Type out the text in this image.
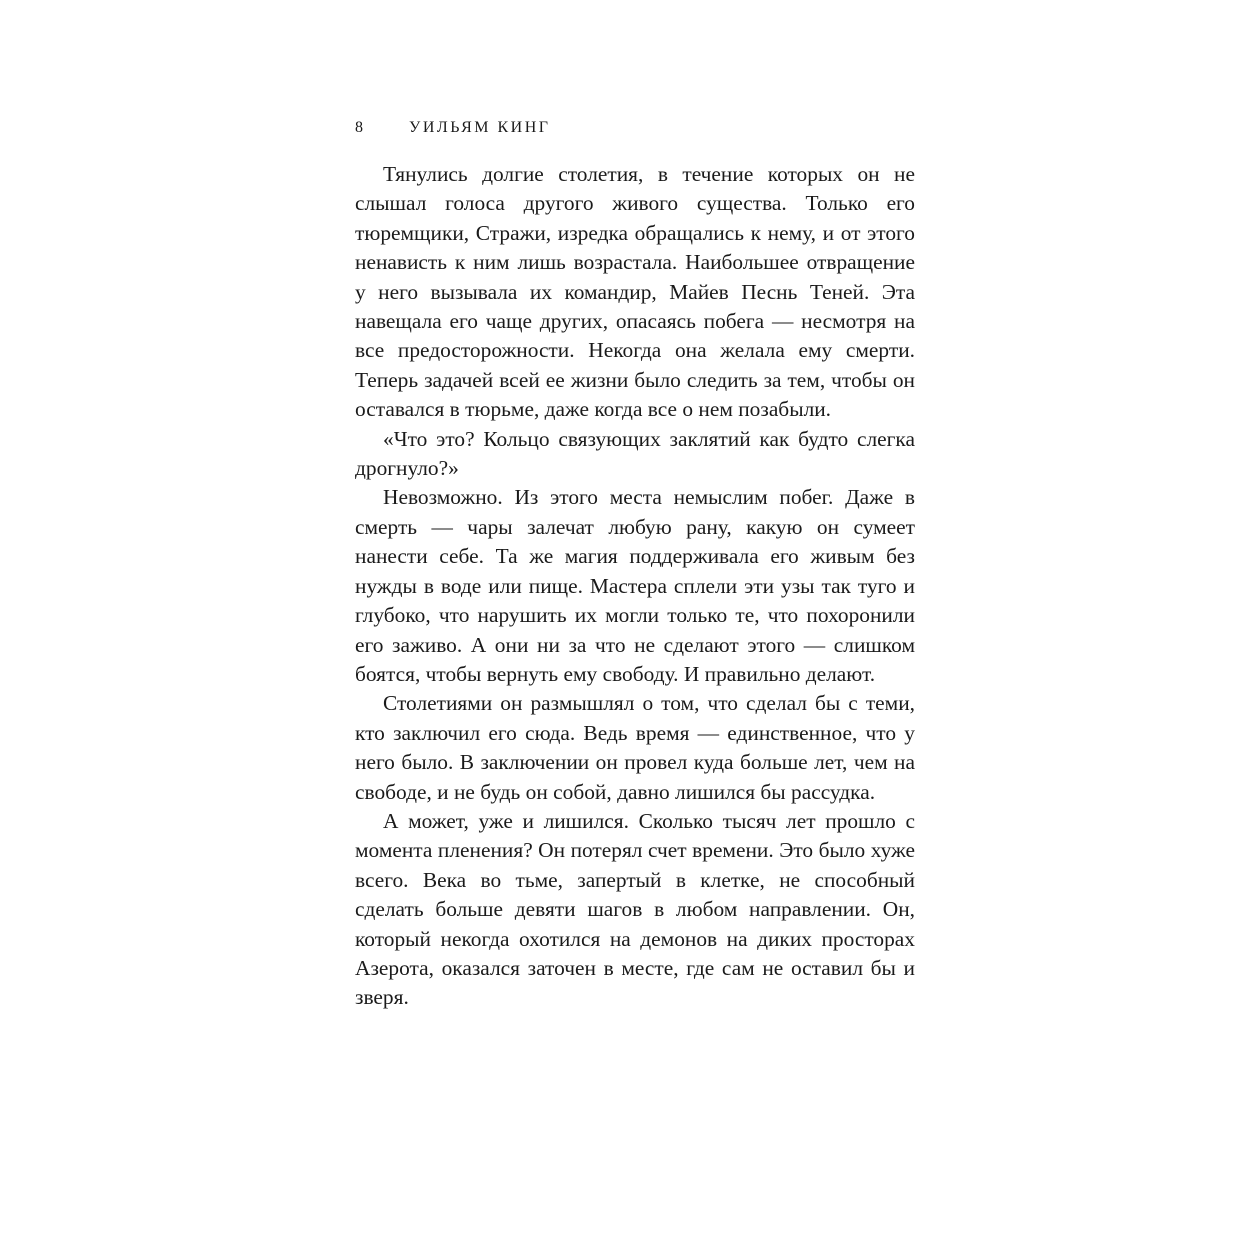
8	УИЛЬЯМ КИНГ

Тянулись долгие столетия, в течение которых он не слышал голоса другого живого существа. Только его тюремщики, Стражи, изредка обращались к нему, и от этого ненависть к ним лишь возрастала. Наибольшее отвращение у него вызывала их командир, Майев Песнь Теней. Эта навещала его чаще других, опасаясь побега — несмотря на все предосторожности. Некогда она желала ему смерти. Теперь задачей всей ее жизни было следить за тем, чтобы он оставался в тюрьме, даже когда все о нем позабыли.

«Что это? Кольцо связующих заклятий как будто слегка дрогнуло?»

Невозможно. Из этого места немыслим побег. Даже в смерть — чары залечат любую рану, какую он сумеет нанести себе. Та же магия поддерживала его живым без нужды в воде или пище. Мастера сплели эти узы так туго и глубоко, что нарушить их могли только те, что похоронили его заживо. А они ни за что не сделают этого — слишком боятся, чтобы вернуть ему свободу. И правильно делают.

Столетиями он размышлял о том, что сделал бы с теми, кто заключил его сюда. Ведь время — единственное, что у него было. В заключении он провел куда больше лет, чем на свободе, и не будь он собой, давно лишился бы рассудка.

А может, уже и лишился. Сколько тысяч лет прошло с момента пленения? Он потерял счет времени. Это было хуже всего. Века во тьме, запертый в клетке, не способный сделать больше девяти шагов в любом направлении. Он, который некогда охотился на демонов на диких просторах Азерота, оказался заточен в месте, где сам не оставил бы и зверя.
